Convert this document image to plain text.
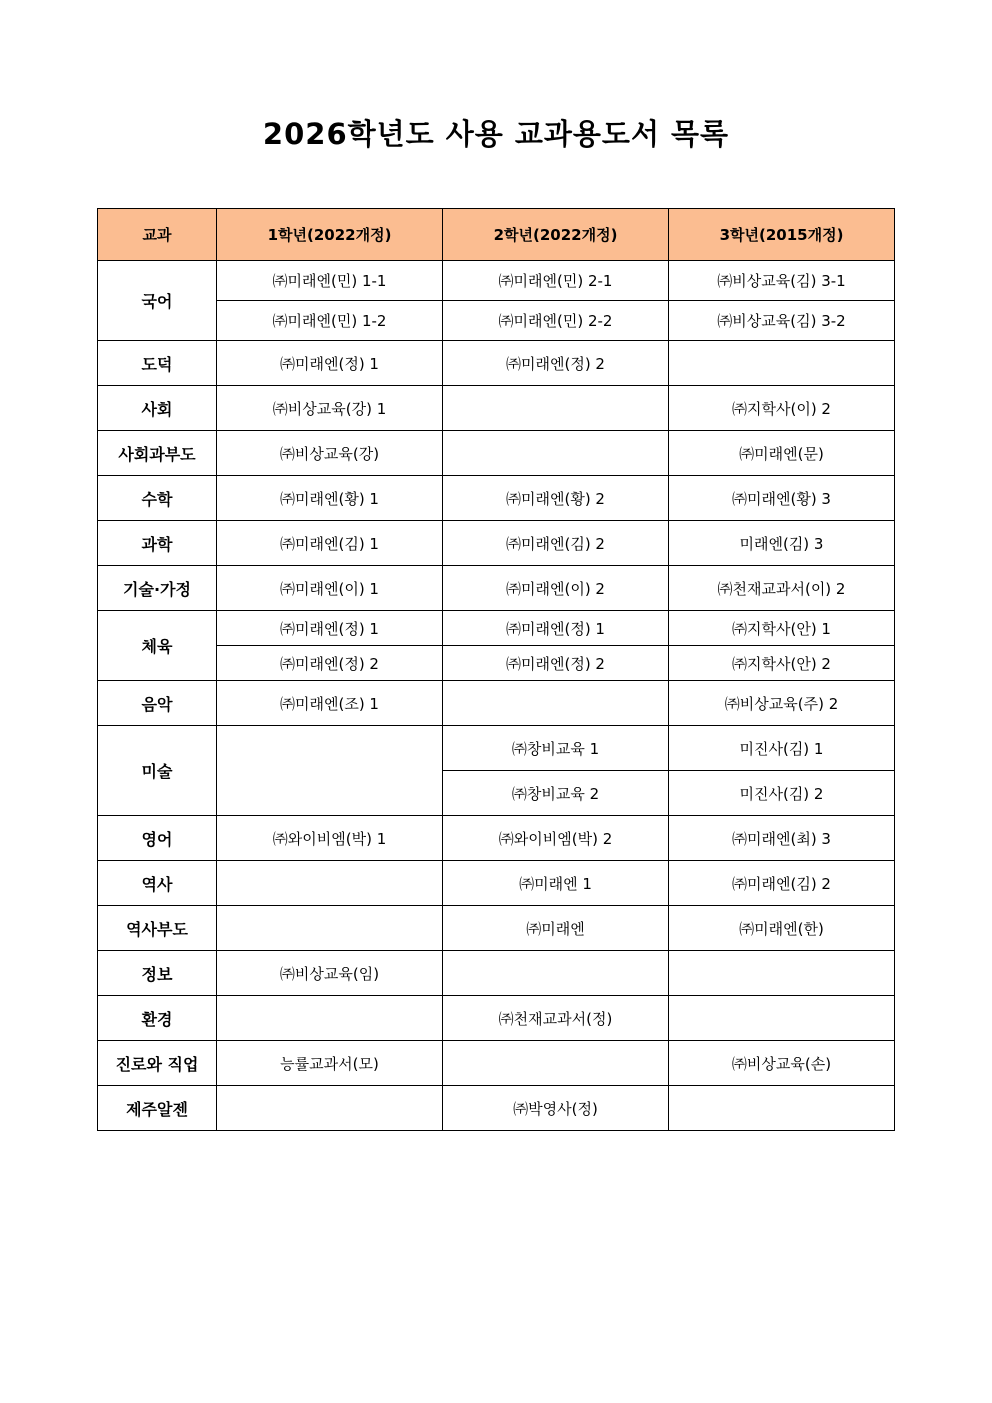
2026학년도 사용 교과용도서 목록
교과	1학년(2022개정)	2학년(2022개정)	3학년(2015개정)
국어	㈜미래엔(민) 1-1	㈜미래엔(민) 2-1	㈜비상교육(김) 3-1
	㈜미래엔(민) 1-2	㈜미래엔(민) 2-2	㈜비상교육(김) 3-2
도덕	㈜미래엔(정) 1	㈜미래엔(정) 2	
사회	㈜비상교육(강) 1		㈜지학사(이) 2
사회과부도	㈜비상교육(강)		㈜미래엔(문)
수학	㈜미래엔(황) 1	㈜미래엔(황) 2	㈜미래엔(황) 3
과학	㈜미래엔(김) 1	㈜미래엔(김) 2	미래엔(김) 3
기술·가정	㈜미래엔(이) 1	㈜미래엔(이) 2	㈜천재교과서(이) 2
체육	㈜미래엔(정) 1	㈜미래엔(정) 1	㈜지학사(안) 1
	㈜미래엔(정) 2	㈜미래엔(정) 2	㈜지학사(안) 2
음악	㈜미래엔(조) 1		㈜비상교육(주) 2
미술		㈜창비교육 1	미진사(김) 1
		㈜창비교육 2	미진사(김) 2
영어	㈜와이비엠(박) 1	㈜와이비엠(박) 2	㈜미래엔(최) 3
역사		㈜미래엔 1	㈜미래엔(김) 2
역사부도		㈜미래엔	㈜미래엔(한)
정보	㈜비상교육(임)		
환경		㈜천재교과서(정)	
진로와 직업	능률교과서(모)		㈜비상교육(손)
제주알젠		㈜박영사(정)	
